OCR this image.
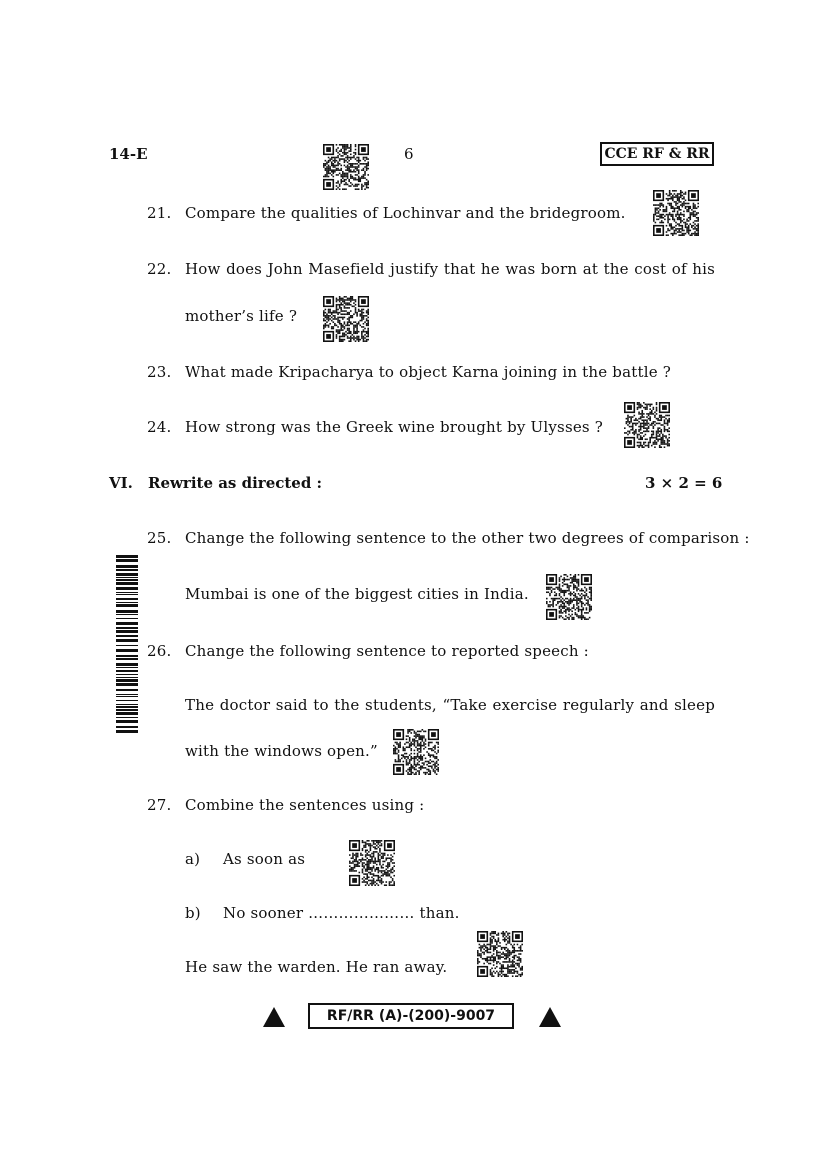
14-E	6	CCE RF & RR
21. Compare the qualities of Lochinvar and the bridegroom.
22. How does John Masefield justify that he was born at the cost of his
mother’s life ?
23. What made Kripacharya to object Karna joining in the battle ?
24. How strong was the Greek wine brought by Ulysses ?
VI. Rewrite as directed :	3 × 2 = 6
25. Change the following sentence to the other two degrees of comparison :
Mumbai is one of the biggest cities in India.
26. Change the following sentence to reported speech :
The doctor said to the students, “Take exercise regularly and sleep
with the windows open.”
27. Combine the sentences using :
a) As soon as
b) No sooner ………………… than.
He saw the warden. He ran away.
RF/RR (A)-(200)-9007
